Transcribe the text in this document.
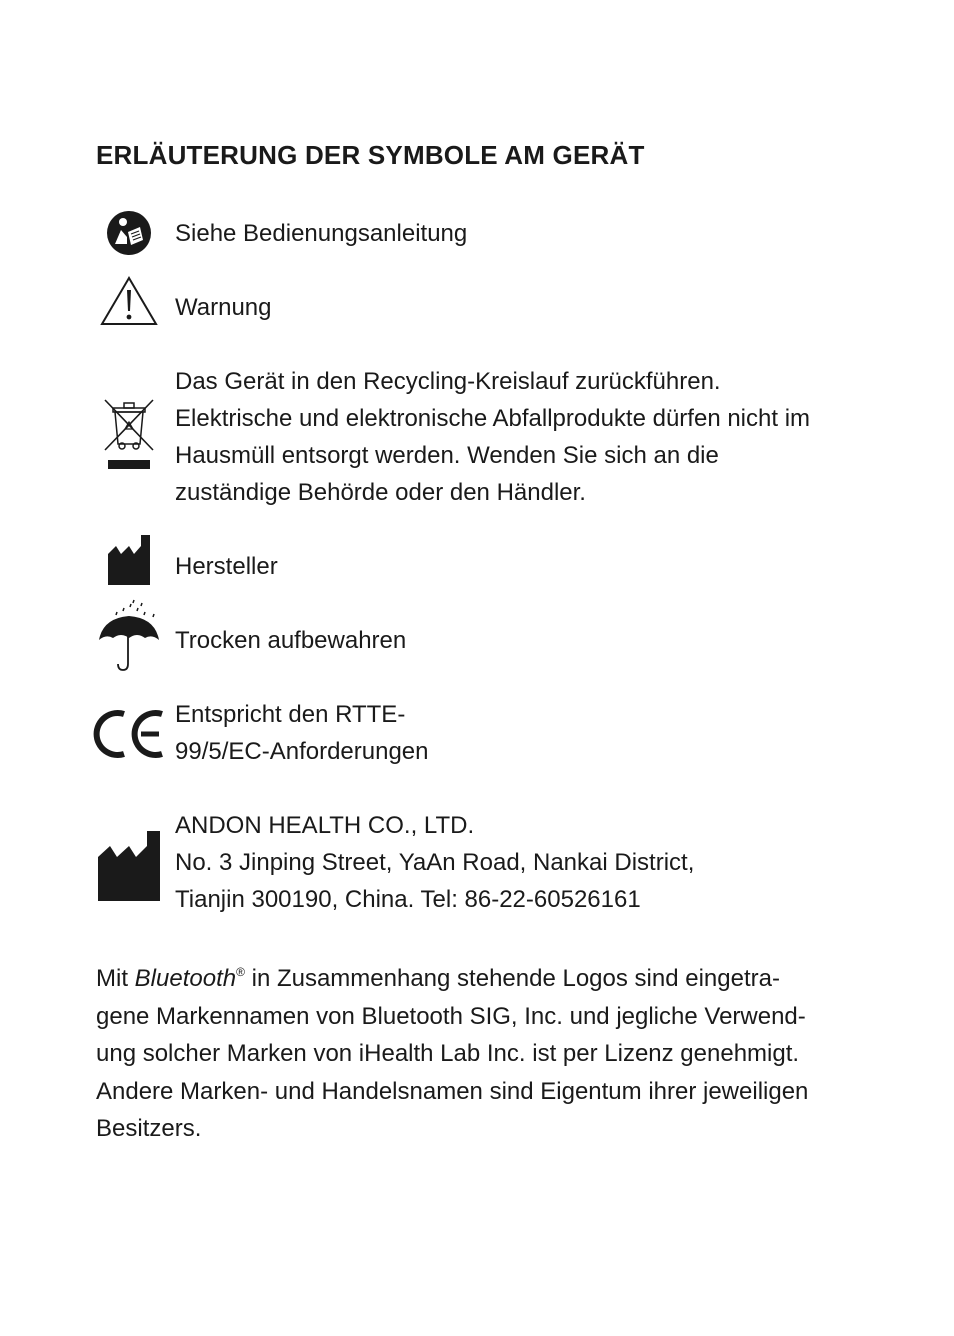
ERLÄUTERUNG DER SYMBOLE AM GERÄT

Siehe Bedienungsanleitung

Warnung

Das Gerät in den Recycling-Kreislauf zurückführen.
Elektrische und elektronische Abfallprodukte dürfen nicht im
Hausmüll entsorgt werden. Wenden Sie sich an die
zuständige Behörde oder den Händler.

Hersteller

Trocken aufbewahren

Entspricht den RTTE-
99/5/EC-Anforderungen

ANDON HEALTH CO., LTD.
No. 3 Jinping Street, YaAn Road, Nankai District,
Tianjin 300190, China. Tel: 86-22-60526161

Mit Bluetooth® in Zusammenhang stehende Logos sind eingetra-
gene Markennamen von Bluetooth SIG, Inc. und jegliche Verwend-
ung solcher Marken von iHealth Lab Inc. ist per Lizenz genehmigt.
Andere Marken- und Handelsnamen sind Eigentum ihrer jeweiligen
Besitzers.
